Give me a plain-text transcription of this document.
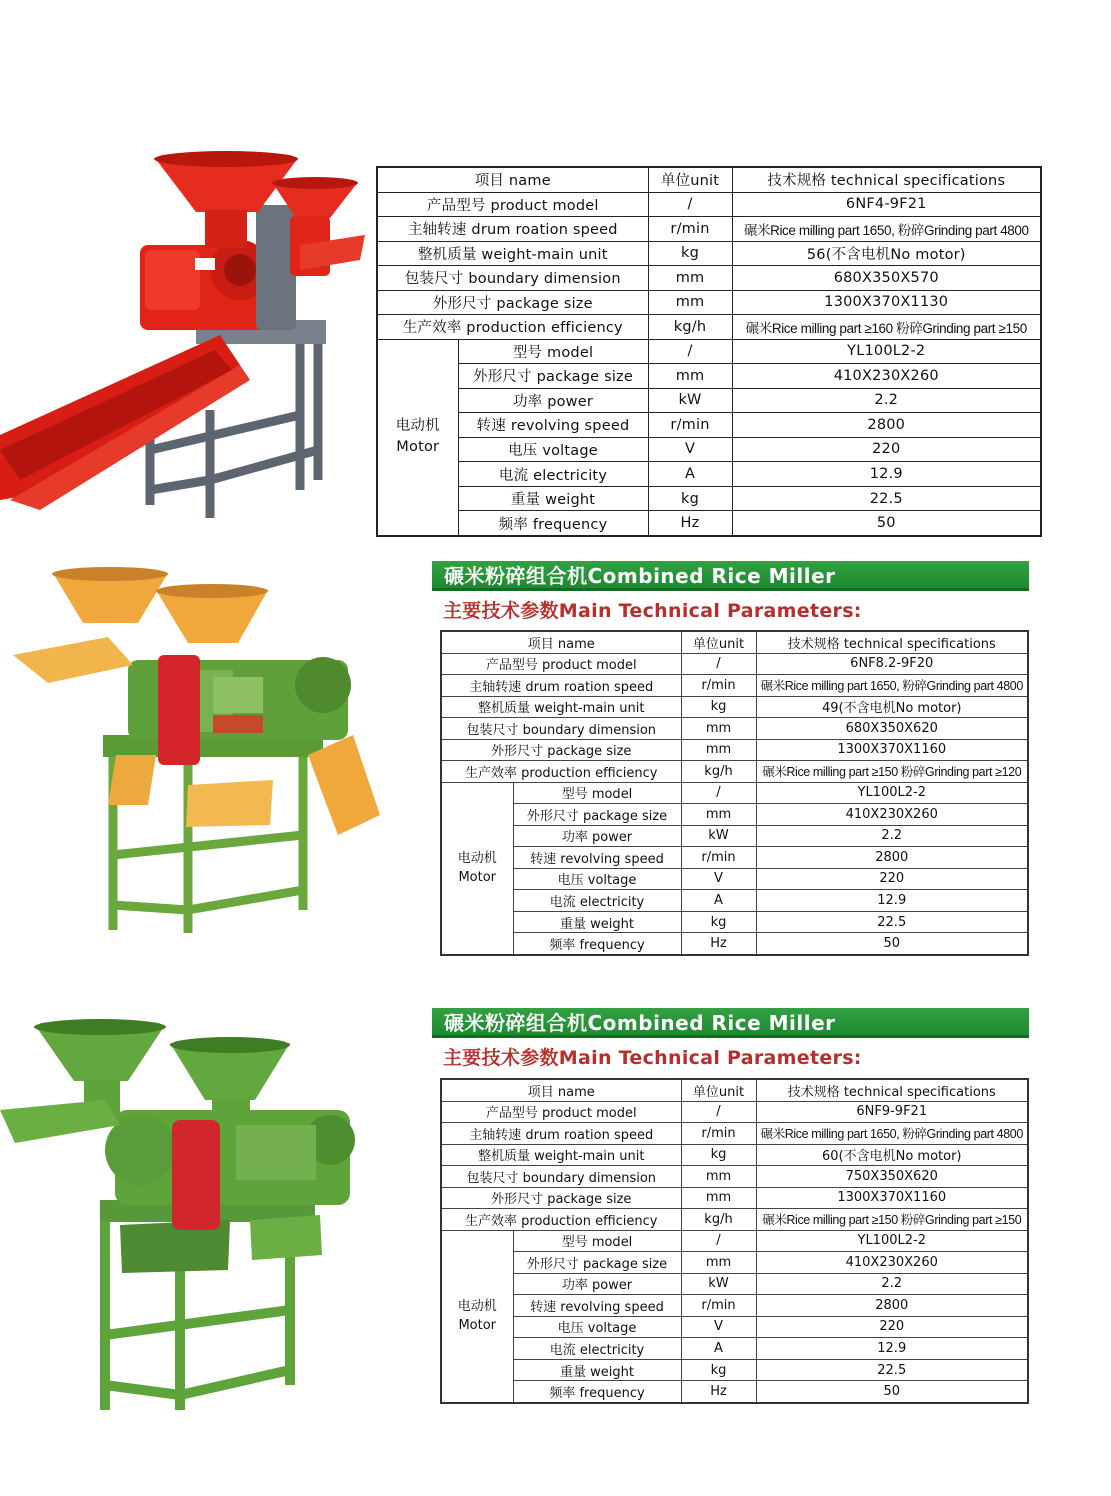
项目 name		单位unit	技术规格 technical specifications
产品型号 product model		/	6NF4-9F21
主轴转速 drum roation speed		r/min	碾米Rice milling part 1650, 粉碎Grinding part 4800
整机质量 weight-main unit		kg	56(不含电机No motor)
包装尺寸 boundary dimension		mm	680X350X570
外形尺寸 package size		mm	1300X370X1130
生产效率 production efficiency		kg/h	碾米Rice milling part ≥160 粉碎Grinding part ≥150
电动机 Motor	型号 model	/	YL100L2-2
	外形尺寸 package size	mm	410X230X260
	功率 power	kW	2.2
	转速 revolving speed	r/min	2800
	电压 voltage	V	220
	电流 electricity	A	12.9
	重量 weight	kg	22.5
	频率 frequency	Hz	50
碾米粉碎组合机Combined Rice Miller
主要技术参数Main Technical Parameters:
项目 name		单位unit	技术规格 technical specifications
产品型号 product model		/	6NF8.2-9F20
主轴转速 drum roation speed		r/min	碾米Rice milling part 1650, 粉碎Grinding part 4800
整机质量 weight-main unit		kg	49(不含电机No motor)
包装尺寸 boundary dimension		mm	680X350X620
外形尺寸 package size		mm	1300X370X1160
生产效率 production efficiency		kg/h	碾米Rice milling part ≥150 粉碎Grinding part ≥120
电动机 Motor	型号 model	/	YL100L2-2
	外形尺寸 package size	mm	410X230X260
	功率 power	kW	2.2
	转速 revolving speed	r/min	2800
	电压 voltage	V	220
	电流 electricity	A	12.9
	重量 weight	kg	22.5
	频率 frequency	Hz	50
碾米粉碎组合机Combined Rice Miller
主要技术参数Main Technical Parameters:
项目 name		单位unit	技术规格 technical specifications
产品型号 product model		/	6NF9-9F21
主轴转速 drum roation speed		r/min	碾米Rice milling part 1650, 粉碎Grinding part 4800
整机质量 weight-main unit		kg	60(不含电机No motor)
包装尺寸 boundary dimension		mm	750X350X620
外形尺寸 package size		mm	1300X370X1160
生产效率 production efficiency		kg/h	碾米Rice milling part ≥150 粉碎Grinding part ≥150
电动机 Motor	型号 model	/	YL100L2-2
	外形尺寸 package size	mm	410X230X260
	功率 power	kW	2.2
	转速 revolving speed	r/min	2800
	电压 voltage	V	220
	电流 electricity	A	12.9
	重量 weight	kg	22.5
	频率 frequency	Hz	50
